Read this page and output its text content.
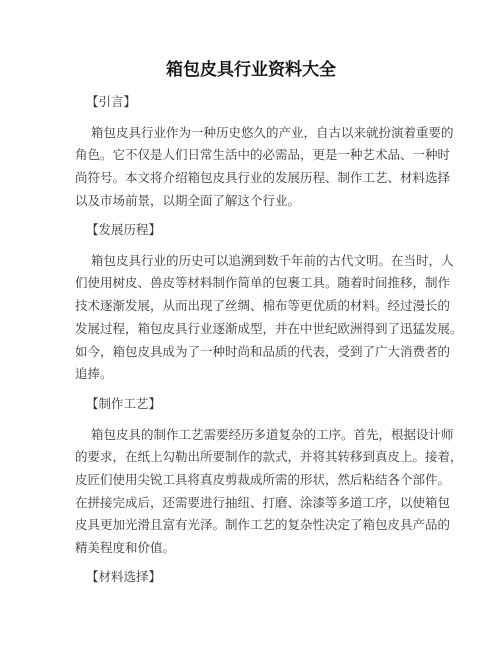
箱包皮具行业资料大全
【引言】
箱包皮具行业作为一种历史悠久的产业，自古以来就扮演着重要的
角色。它不仅是人们日常生活中的必需品，更是一种艺术品、一种时
尚符号。本文将介绍箱包皮具行业的发展历程、制作工艺、材料选择
以及市场前景，以期全面了解这个行业。
【发展历程】
箱包皮具行业的历史可以追溯到数千年前的古代文明。在当时，人
们使用树皮、兽皮等材料制作简单的包裹工具。随着时间推移，制作
技术逐渐发展，从而出现了丝绸、棉布等更优质的材料。经过漫长的
发展过程，箱包皮具行业逐渐成型，并在中世纪欧洲得到了迅猛发展。
如今，箱包皮具成为了一种时尚和品质的代表，受到了广大消费者的
追捧。
【制作工艺】
箱包皮具的制作工艺需要经历多道复杂的工序。首先，根据设计师
的要求，在纸上勾勒出所要制作的款式，并将其转移到真皮上。接着，
皮匠们使用尖锐工具将真皮剪裁成所需的形状，然后粘结各个部件。
在拼接完成后，还需要进行抽纽、打磨、涂漆等多道工序，以使箱包
皮具更加光滑且富有光泽。制作工艺的复杂性决定了箱包皮具产品的
精美程度和价值。
【材料选择】
